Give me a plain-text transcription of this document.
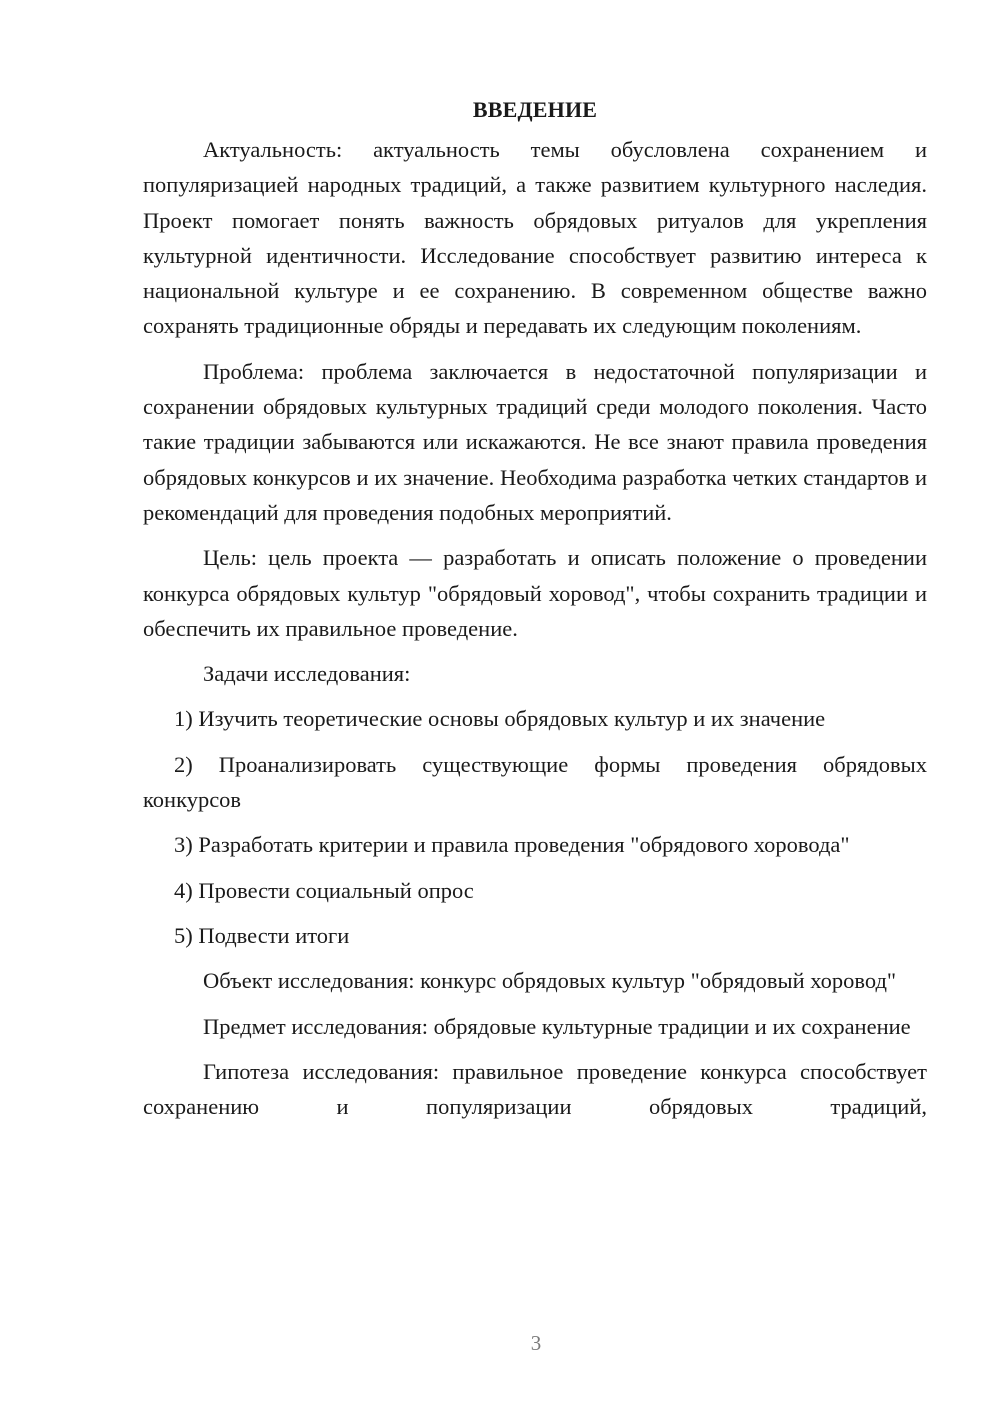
ВВЕДЕНИЕ

Актуальность: актуальность темы обусловлена сохранением и популяризацией народных традиций, а также развитием культурного наследия. Проект помогает понять важность обрядовых ритуалов для укрепления культурной идентичности. Исследование способствует развитию интереса к национальной культуре и ее сохранению. В современном обществе важно сохранять традиционные обряды и передавать их следующим поколениям.

Проблема: проблема заключается в недостаточной популяризации и сохранении обрядовых культурных традиций среди молодого поколения. Часто такие традиции забываются или искажаются. Не все знают правила проведения обрядовых конкурсов и их значение. Необходима разработка четких стандартов и рекомендаций для проведения подобных мероприятий.

Цель: цель проекта — разработать и описать положение о проведении конкурса обрядовых культур "обрядовый хоровод", чтобы сохранить традиции и обеспечить их правильное проведение.

Задачи исследования:

1) Изучить теоретические основы обрядовых культур и их значение

2) Проанализировать существующие формы проведения обрядовых конкурсов

3) Разработать критерии и правила проведения "обрядового хоровода"

4) Провести социальный опрос

5) Подвести итоги

Объект исследования: конкурс обрядовых культур "обрядовый хоровод"

Предмет исследования: обрядовые культурные традиции и их сохранение

Гипотеза исследования: правильное проведение конкурса способствует сохранению и популяризации обрядовых традиций,

3
